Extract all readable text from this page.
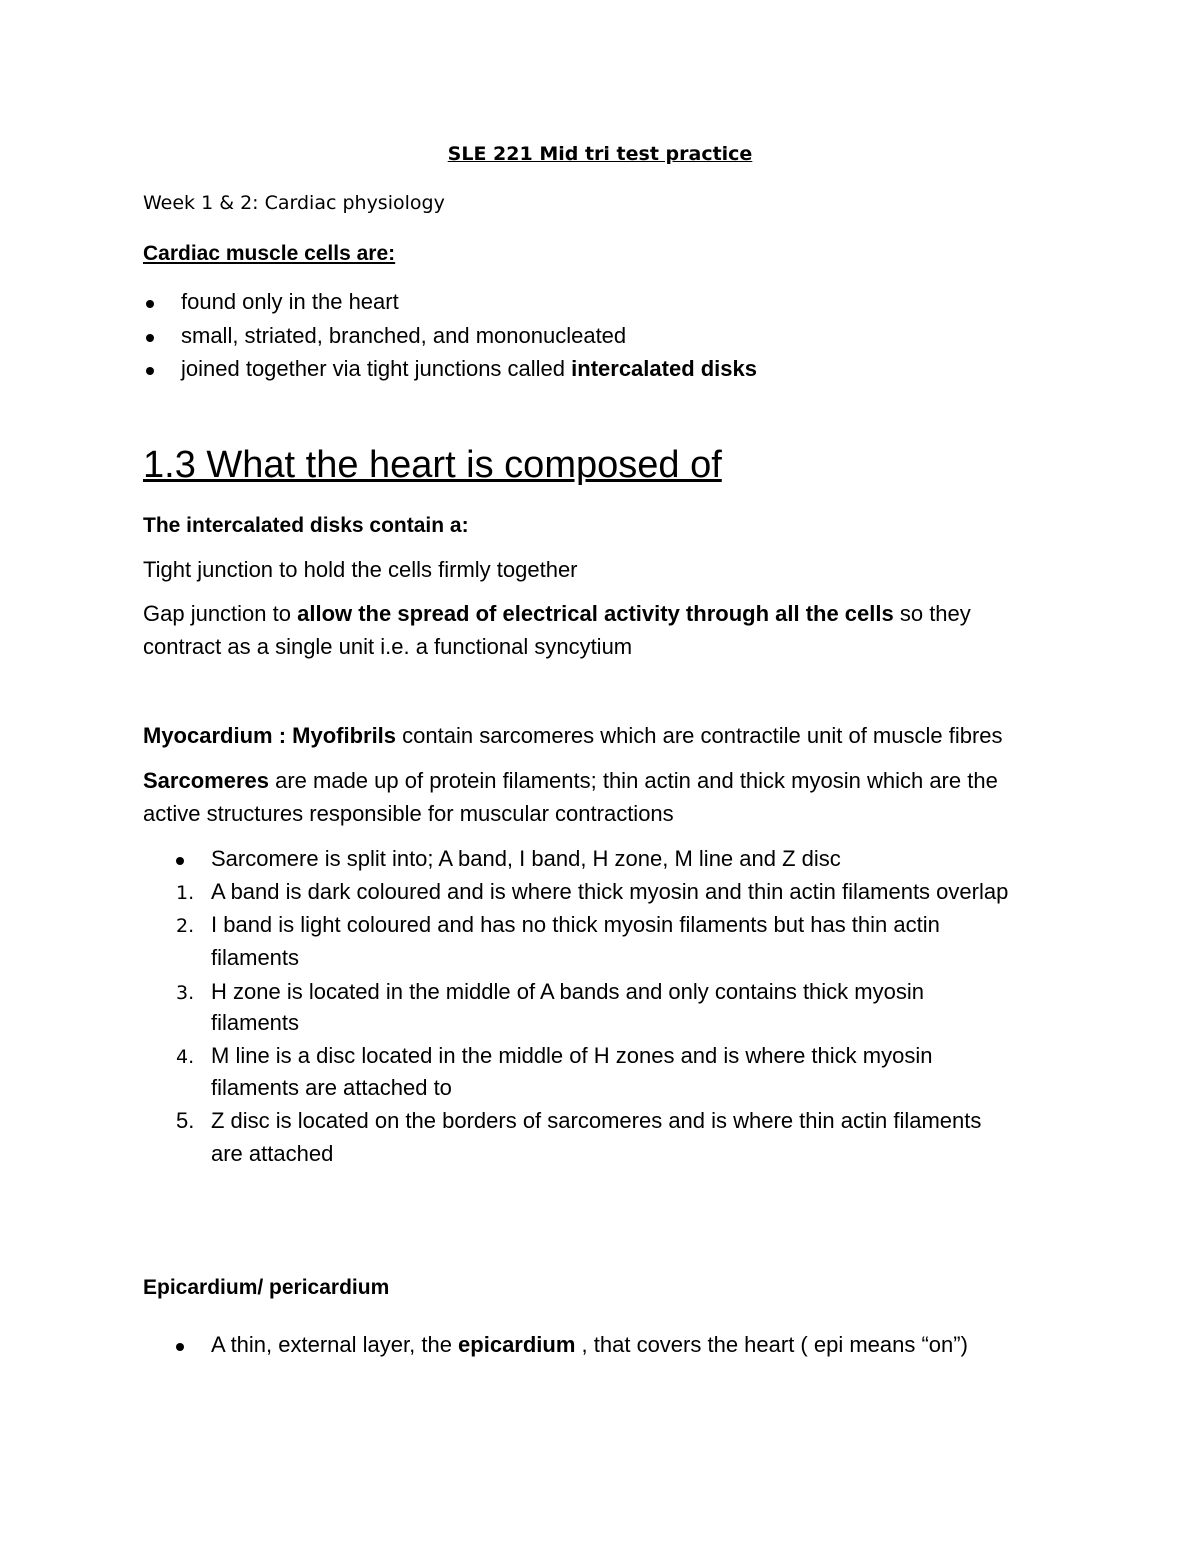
SLE 221 Mid tri test practice
Week 1 & 2: Cardiac physiology
Cardiac muscle cells are:
found only in the heart
small, striated, branched, and mononucleated
joined together via tight junctions called intercalated disks
1.3 What the heart is composed of
The intercalated disks contain a:
Tight junction to hold the cells firmly together
Gap junction to allow the spread of electrical activity through all the cells so they
contract as a single unit i.e. a functional syncytium
Myocardium : Myofibrils contain sarcomeres which are contractile unit of muscle fibres
Sarcomeres are made up of protein filaments; thin actin and thick myosin which are the
active structures responsible for muscular contractions
Sarcomere is split into; A band, I band, H zone, M line and Z disc
1. A band is dark coloured and is where thick myosin and thin actin filaments overlap
2. I band is light coloured and has no thick myosin filaments but has thin actin
filaments
3. H zone is located in the middle of A bands and only contains thick myosin
filaments
4. M line is a disc located in the middle of H zones and is where thick myosin
filaments are attached to
5. Z disc is located on the borders of sarcomeres and is where thin actin filaments
are attached
Epicardium/ pericardium
A thin, external layer, the epicardium , that covers the heart ( epi means “on”)
